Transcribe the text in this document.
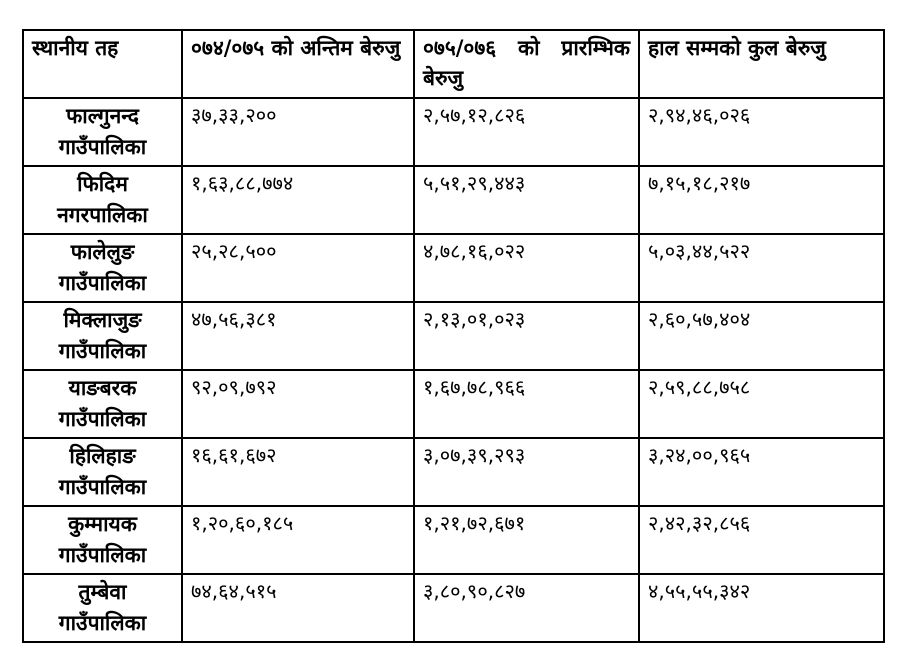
स्थानीय तह	०७४/०७५ को अन्तिम बेरुजु	०७५/०७६ को प्रारम्भिक बेरुजु	हाल सम्मको कुल बेरुजु
फाल्गुनन्द गाउँपालिका	३७,३३,२००	२,५७,१२,८२६	२,९४,४६,०२६
फिदिम नगरपालिका	१,६३,८८,७७४	५,५१,२९,४४३	७,१५,१८,२१७
फालेलुङ गाउँपालिका	२५,२८,५००	४,७८,१६,०२२	५,०३,४४,५२२
मिक्लाजुङ गाउँपालिका	४७,५६,३८१	२,१३,०१,०२३	२,६०,५७,४०४
याङबरक गाउँपालिका	९२,०९,७९२	१,६७,७८,९६६	२,५९,८८,७५८
हिलिहाङ गाउँपालिका	१६,६१,६७२	३,०७,३९,२९३	३,२४,००,९६५
कुम्मायक गाउँपालिका	१,२०,६०,१८५	१,२१,७२,६७१	२,४२,३२,८५६
तुम्बेवा गाउँपालिका	७४,६४,५१५	३,८०,९०,८२७	४,५५,५५,३४२
